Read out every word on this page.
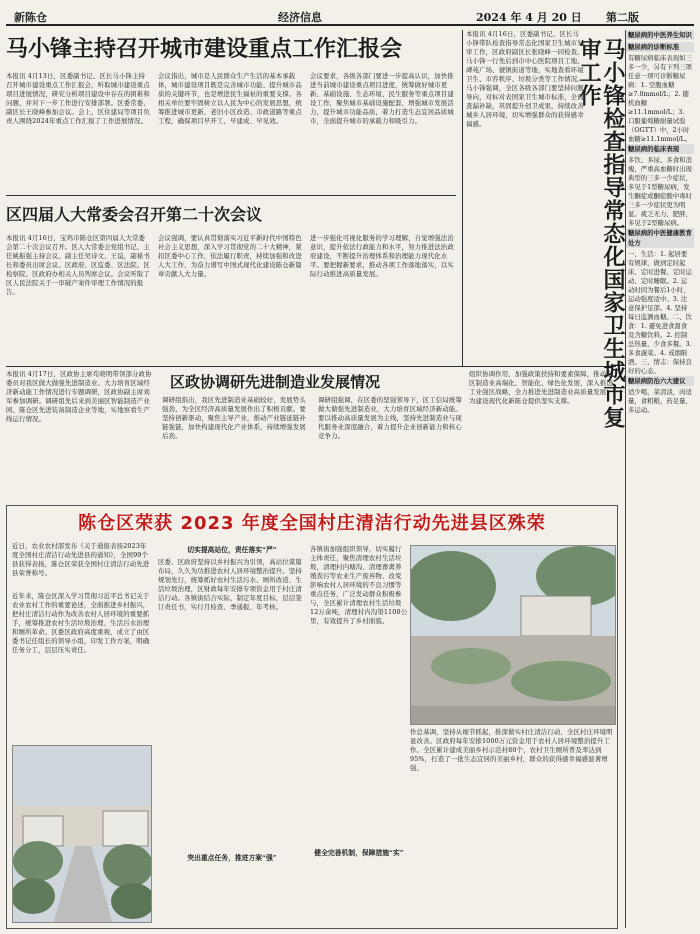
新陈仓	经济信息	2024 年 4 月 20 日 第二版
马小锋主持召开城市建设重点工作汇报会
本报讯 4月13日，区委副书记、区长马小锋主持召开城市建设重点工作汇报会，听取城市建设重点项目进展情况，研究分析项目建设中存在的困难和问题，并对下一步工作进行安排部署。区委常委、副区长王晓峰参加会议。会上，区住建局等项目负责人围绕2024年重点工作汇报了工作进展情况。
会议指出，城市是人民群众生产生活的基本承载体，城市建设项目既是完善城市功能、提升城市品质的关键环节，也是增进民生福祉的重要支撑。各相关单位要牢固树立以人民为中心的发展思想，统筹推进城市更新、老旧小区改造、市政道路等重点工程，确保项目早开工、早建成、早见效。
会议要求，各级各部门要进一步提高认识，加快推进当前城市建设重点项目进度，统筹做好城市更新、基础设施、生态环境、民生服务等重点项目建设工作，聚焦城市基础设施配套，增强城市发展活力，提升城市功能品质，着力打造生态宜居品质城市，全面提升城市的承载力和吸引力。
区四届人大常委会召开第二十次会议
本报讯 4月16日，宝鸡市陈仓区第四届人大常委会第二十次会议召开。区人大常委会党组书记、主任姚振强主持会议。副主任吴诗文、王谊，副秘书长和委员出席会议。区政府、区监委、区法院、区检察院、区政府办相关人员列席会议。会议听取了区人民法院关于一审破产案件审理工作情况的报告。
会议强调，要认真贯彻落实习近平新时代中国特色社会主义思想，深入学习贯彻党的二十大精神，紧扣区委中心工作，依法履行职责，持续加强和改进人大工作，为奋力谱写中国式现代化建设陈仓新篇章贡献人大力量。
进一步强化可视化服务的学习理解，自觉增强法治意识，提升依法行政能力和水平，努力推进法治政府建设，不断提升治理体系和治理能力现代化水平。要把握新要求，推动各项工作落地落实，以实际行动推进高质量发展。
区政协调研先进制造业发展情况
本报讯 4月17日，区政协主席苟晓明带领部分政协委员对我区做大做强先进制造业、大力培育区域经济新动能工作情况进行专题调研，区政协副主席刘军参加调研。调研组先后来到美丽区智能制造产业园、陈仓区先进装备制造企业等地，实地察看生产线运行情况。
调研组指出，我区先进制造业基础较好、发展势头强劲，为全区经济高质量发展作出了积极贡献。要坚持创新驱动，聚焦主导产业，推动产业链延链补链强链，加快构建现代化产业体系，持续增强发展后劲。
调研组强调，在区委的坚强领导下，区工信局统筹做大做强先进制造业，大力培育区域经济新动能。要以推动高质量发展为主线，坚持先进制造业与现代服务业深度融合，着力提升企业创新能力和核心竞争力。
组织协调作用，加强政策扶持和要素保障，推动全区制造业高端化、智能化、绿色化发展，深入推进工业强区战略，全力推进先进制造业高质量发展，为建设现代化新陈仓提供坚实支撑。
本报讯 4月16日，区委副书记、区长马小锋带队检查指导常态化国家卫生城市复审工作，区政府副区长张晓峰一同检查。马小锋一行先后到市中心医院项目工地、碑苑广场、虢镇街道等地，实地查看环境卫生、市容秩序、垃圾分类等工作情况。马小锋强调，全区各级各部门要坚持问题导向，对标对表国家卫生城市标准，全面查漏补缺，巩固提升创卫成果，持续改善城乡人居环境，切实增强群众的获得感幸福感。	马小锋检查指导常态化国家卫生城市复审工作
糖尿病的中医养生知识
糖尿病的诊断标准
有糖尿病临床表现如三多一少，另有下列三项任意一项可诊断糖尿病：1. 空腹血糖≥7.0mmol/L；2. 随机血糖≥11.1mmol/L；3. 口服葡萄糖耐量试验（OGTT）中，2小时血糖≥11.1mmol/L。
糖尿病的临床表现
多饮、多尿、多食和消瘦，严重高血糖时出现典型的三多一少症状，多见于1型糖尿病，发生酮症或酮症酸中毒时三多一少症状更为明显。疲乏无力，肥胖，多见于2型糖尿病。
糖尿病的中医健康教育处方
一、生活：1. 起居要有规律，做到定时起床、定时进餐、定时运动、定时睡眠。2. 运动时间为餐后1小时，运动强度适中。3. 注意保护足部。4. 坚持每日监测血糖。二、饮食：1. 避免进食甜食及含糖饮料。2. 控制总热量，少食多餐。3. 多食蔬菜。4. 戒烟限酒。三、情志：保持良好的心态。
糖尿病防治六大建议
适少喝，菜清淡，肉适量，食粗粮，药足量，多运动。
陈仓区荣获 2023 年度全国村庄清洁行动先进县区殊荣
近日，农业农村部发布《关于通报表扬2023年度全国村庄清洁行动先进县的通知》，全国99个县获得表扬，陈仓区荣获全国村庄清洁行动先进县荣誉称号。
近年来，陈仓区深入学习贯彻习近平总书记关于农业农村工作的重要论述，全面推进乡村振兴，把村庄清洁行动作为改善农村人居环境的重要抓手，统筹推进农村生活垃圾治理、生活污水治理和厕所革命。区委区政府高度重视，成立了由区委书记任组长的领导小组，印发工作方案，明确任务分工，层层压实责任。
切实提高站位，责任落实“严”
区委、区政府坚持以乡村振兴为引领，高站位谋篇布局，久久为功推进农村人居环境整治提升。坚持规划先行，统筹抓好农村生活污水、厕所改造、生活垃圾治理，区财政每年安排专项资金用于村庄清洁行动。各镇街结合实际，制定年度目标，层层签订责任书，实行月检查、季通报、年考核。
突出重点任务，推进方案“强”
各镇街加强组织领导，切实履行主体责任，聚焦清理农村生活垃圾、清理村内塘沟、清理畜禽养殖粪污等农业生产废弃物、改变影响农村人居环境的不良习惯等重点任务，广泛发动群众积极参与，全区累计清理农村生活垃圾12万余吨，清理村内沟渠1100公里，有效提升了乡村面貌。
健全完善机制，保障措施“实”
作总基调，坚持从细节抓起，推深做实村庄清洁行动，全区村庄环境明显改善。区政府每年安排1000万元资金用于农村人居环境整治提升工作。全区累计建成美丽乡村示范村80个，农村卫生厕所普及率达到95%，打造了一批生态宜居的美丽乡村，群众的获得感幸福感显著增强。
